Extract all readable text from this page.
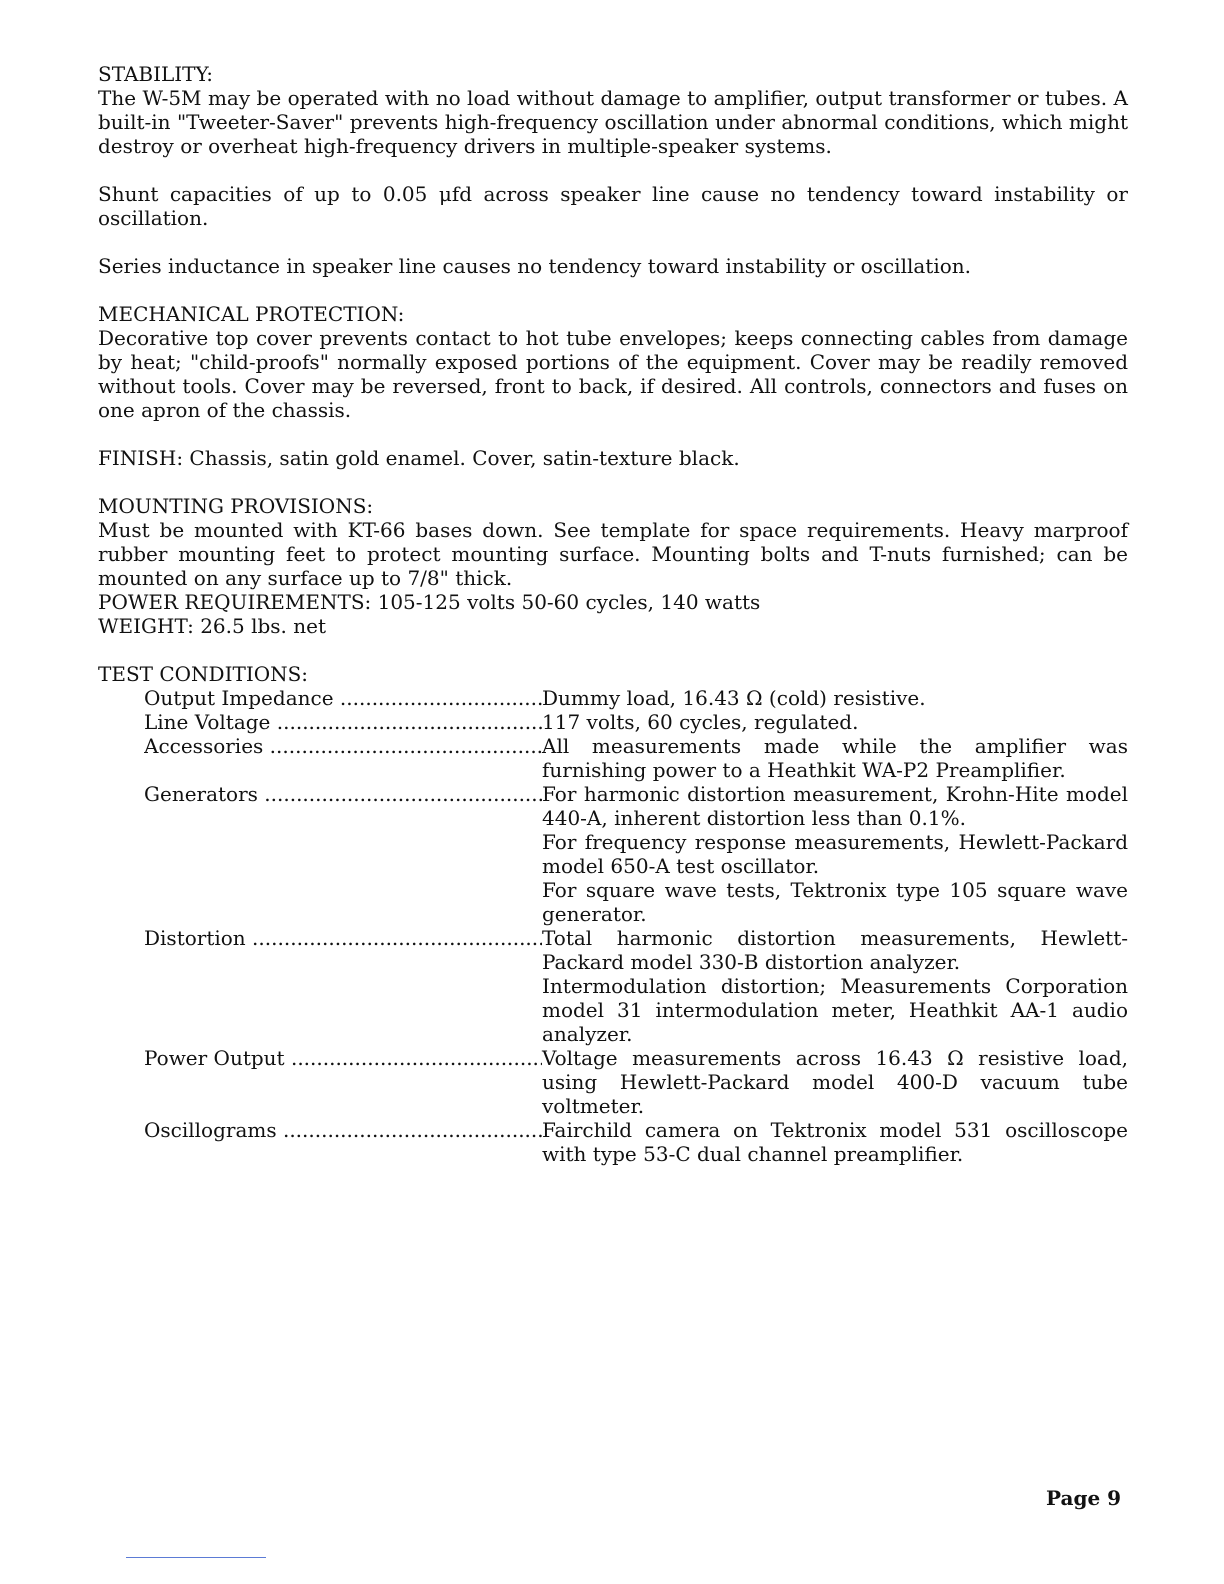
STABILITY:
The W-5M may be operated with no load without damage to amplifier, output transformer or tubes. A built-in "Tweeter-Saver" prevents high-frequency oscillation under abnormal conditions, which might destroy or overheat high-frequency drivers in multiple-speaker systems.
Shunt capacities of up to 0.05 μfd across speaker line cause no tendency toward instability or oscillation.
Series inductance in speaker line causes no tendency toward instability or oscillation.
MECHANICAL PROTECTION:
Decorative top cover prevents contact to hot tube envelopes; keeps connecting cables from damage by heat; "child-proofs" normally exposed portions of the equipment. Cover may be readily removed without tools. Cover may be reversed, front to back, if desired. All controls, connectors and fuses on one apron of the chassis.
FINISH: Chassis, satin gold enamel. Cover, satin-texture black.
MOUNTING PROVISIONS:
Must be mounted with KT-66 bases down. See template for space requirements. Heavy marproof rubber mounting feet to protect mounting surface. Mounting bolts and T-nuts furnished; can be mounted on any surface up to 7/8" thick.
POWER REQUIREMENTS: 105-125 volts 50-60 cycles, 140 watts
WEIGHT: 26.5 lbs. net
TEST CONDITIONS:
Output Impedance .....	Dummy load, 16.43 Ω (cold) resistive.
Line Voltage .....	117 volts, 60 cycles, regulated.
Accessories .....	All measurements made while the amplifier was furnishing power to a Heathkit WA-P2 Preamplifier.
Generators .....	For harmonic distortion measurement, Krohn-Hite model 440-A, inherent distortion less than 0.1%.
For frequency response measurements, Hewlett-Packard model 650-A test oscillator.
For square wave tests, Tektronix type 105 square wave generator.
Distortion .....	Total harmonic distortion measurements, Hewlett-Packard model 330-B distortion analyzer.
Intermodulation distortion; Measurements Corporation model 31 intermodulation meter, Heathkit AA-1 audio analyzer.
Power Output .....	Voltage measurements across 16.43 Ω resistive load, using Hewlett-Packard model 400-D vacuum tube voltmeter.
Oscillograms .....	Fairchild camera on Tektronix model 531 oscilloscope with type 53-C dual channel preamplifier.
Page 9
